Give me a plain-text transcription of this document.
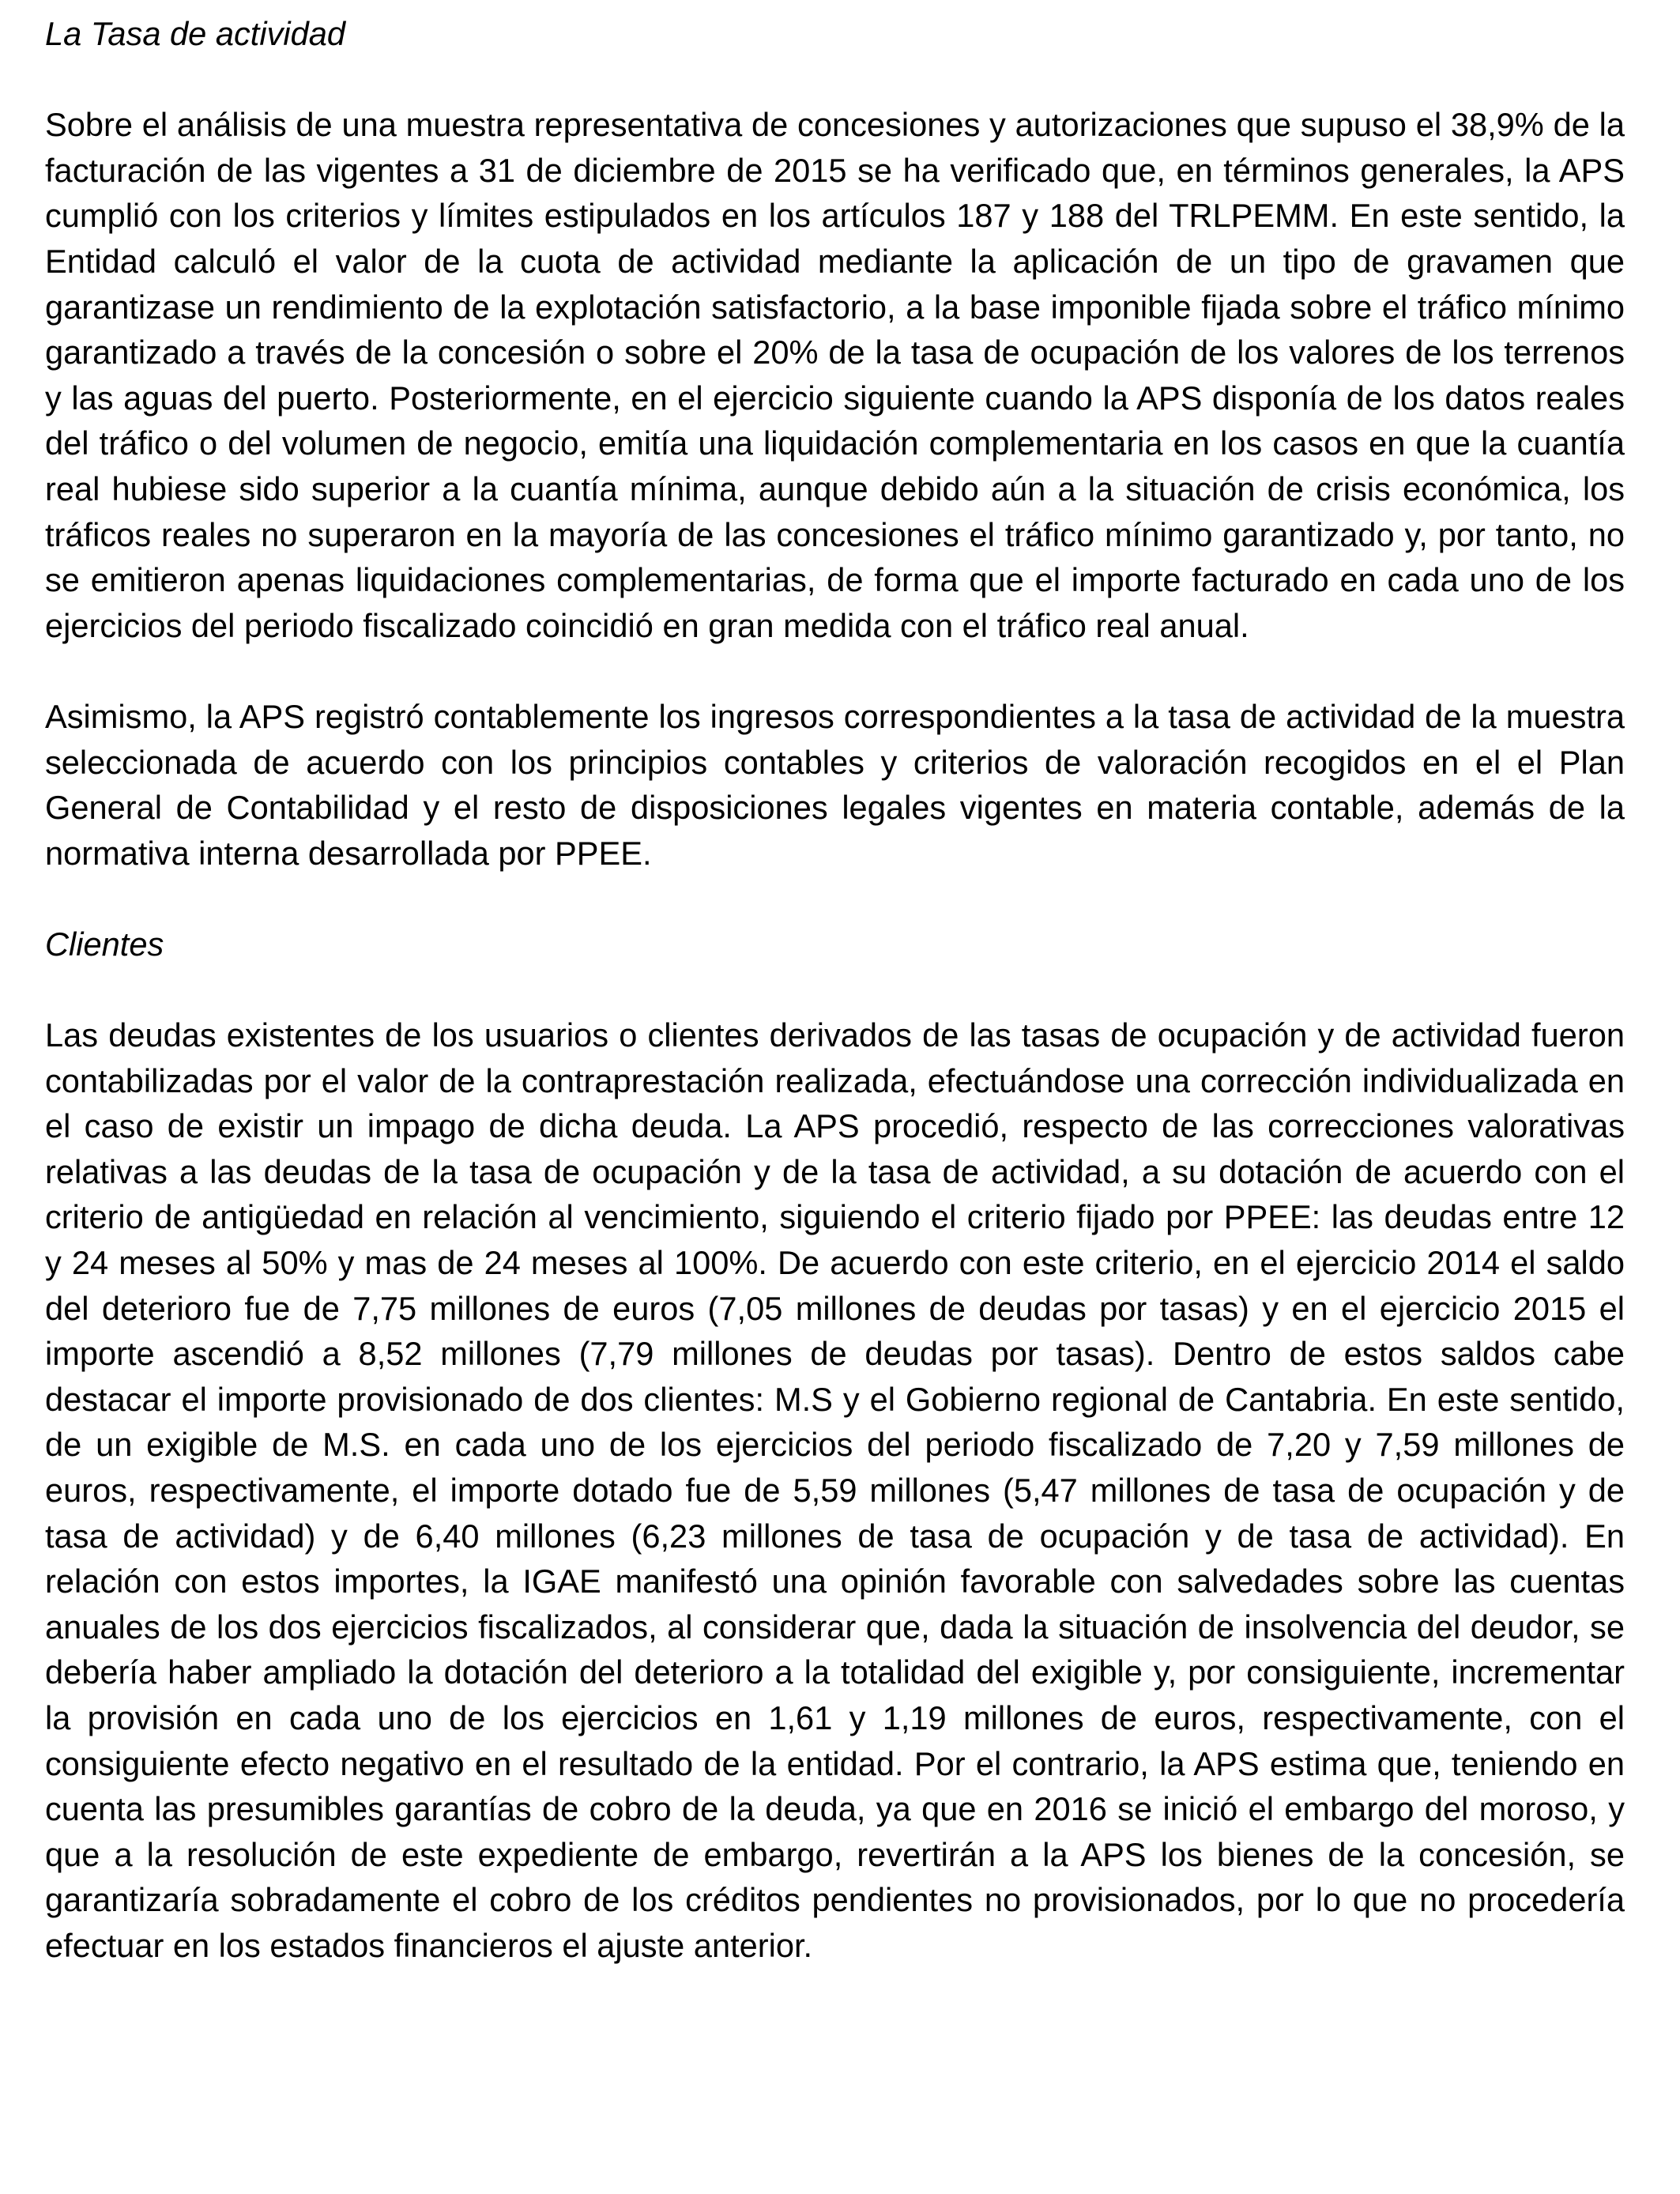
La Tasa de actividad

Sobre el análisis de una muestra representativa de concesiones y autorizaciones que supuso el 38,9% de la facturación de las vigentes a 31 de diciembre de 2015 se ha verificado que, en términos generales, la APS cumplió con los criterios y límites estipulados en los artículos 187 y 188 del TRLPEMM. En este sentido, la Entidad calculó el valor de la cuota de actividad mediante la aplicación de un tipo de gravamen que garantizase un rendimiento de la explotación satisfactorio, a la base imponible fijada sobre el tráfico mínimo garantizado a través de la concesión o sobre el 20% de la tasa de ocupación de los valores de los terrenos y las aguas del puerto. Posteriormente, en el ejercicio siguiente cuando la APS disponía de los datos reales del tráfico o del volumen de negocio, emitía una liquidación complementaria en los casos en que la cuantía real hubiese sido superior a la cuantía mínima, aunque debido aún a la situación de crisis económica, los tráficos reales no superaron en la mayoría de las concesiones el tráfico mínimo garantizado y, por tanto, no se emitieron apenas liquidaciones complementarias, de forma que el importe facturado en cada uno de los ejercicios del periodo fiscalizado coincidió en gran medida con el tráfico real anual.

Asimismo, la APS registró contablemente los ingresos correspondientes a la tasa de actividad de la muestra seleccionada de acuerdo con los principios contables y criterios de valoración recogidos en el el Plan General de Contabilidad y el resto de disposiciones legales vigentes en materia contable, además de la normativa interna desarrollada por PPEE.

Clientes

Las deudas existentes de los usuarios o clientes derivados de las tasas de ocupación y de actividad fueron contabilizadas por el valor de la contraprestación realizada, efectuándose una corrección individualizada en el caso de existir un impago de dicha deuda. La APS procedió, respecto de las correcciones valorativas relativas a las deudas de la tasa de ocupación y de la tasa de actividad, a su dotación de acuerdo con el criterio de antigüedad en relación al vencimiento, siguiendo el criterio fijado por PPEE: las deudas entre 12 y 24 meses al 50% y mas de 24 meses al 100%. De acuerdo con este criterio, en el ejercicio 2014 el saldo del deterioro fue de 7,75 millones de euros (7,05 millones de deudas por tasas) y en el ejercicio 2015 el importe ascendió a 8,52 millones (7,79 millones de deudas por tasas). Dentro de estos saldos cabe destacar el importe provisionado de dos clientes: M.S y el Gobierno regional de Cantabria. En este sentido, de un exigible de M.S. en cada uno de los ejercicios del periodo fiscalizado de 7,20 y 7,59 millones de euros, respectivamente, el importe dotado fue de 5,59 millones (5,47 millones de tasa de ocupación y de tasa de actividad) y de 6,40 millones (6,23 millones de tasa de ocupación y de tasa de actividad). En relación con estos importes, la IGAE manifestó una opinión favorable con salvedades sobre las cuentas anuales de los dos ejercicios fiscalizados, al considerar que, dada la situación de insolvencia del deudor, se debería haber ampliado la dotación del deterioro a la totalidad del exigible y, por consiguiente, incrementar la provisión en cada uno de los ejercicios en 1,61 y 1,19 millones de euros, respectivamente, con el consiguiente efecto negativo en el resultado de la entidad. Por el contrario, la APS estima que, teniendo en cuenta las presumibles garantías de cobro de la deuda, ya que en 2016 se inició el embargo del moroso, y que a la resolución de este expediente de embargo, revertirán a la APS los bienes de la concesión, se garantizaría sobradamente el cobro de los créditos pendientes no provisionados, por lo que no procedería efectuar en los estados financieros el ajuste anterior.
